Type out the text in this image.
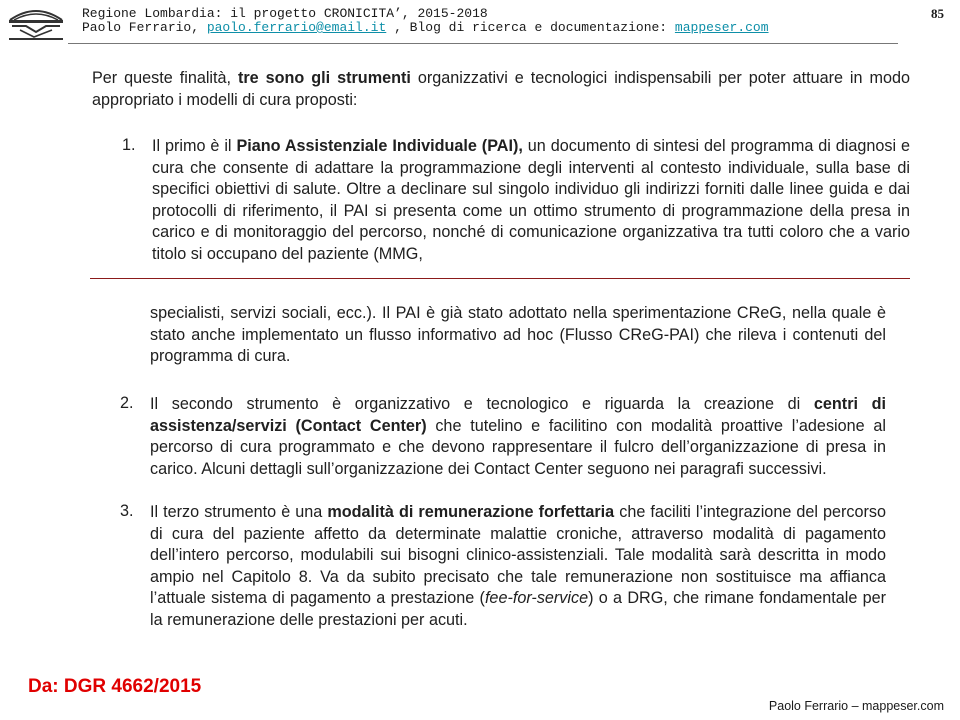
Regione Lombardia: il progetto CRONICITA’, 2015-2018
Paolo Ferrario, paolo.ferrario@email.it , Blog di ricerca e documentazione: mappeser.com
85
Per queste finalità, tre sono gli strumenti organizzativi e tecnologici indispensabili per poter attuare in modo appropriato i modelli di cura proposti:
1. Il primo è il Piano Assistenziale Individuale (PAI), un documento di sintesi del programma di diagnosi e cura che consente di adattare la programmazione degli interventi al contesto individuale, sulla base di specifici obiettivi di salute. Oltre a declinare sul singolo individuo gli indirizzi forniti dalle linee guida e dai protocolli di riferimento, il PAI si presenta come un ottimo strumento di programmazione della presa in carico e di monitoraggio del percorso, nonché di comunicazione organizzativa tra tutti coloro che a vario titolo si occupano del paziente (MMG,
specialisti, servizi sociali, ecc.). Il PAI è già stato adottato nella sperimentazione CReG, nella quale è stato anche implementato un flusso informativo ad hoc (Flusso CReG-PAI) che rileva i contenuti del programma di cura.
2. Il secondo strumento è organizzativo e tecnologico e riguarda la creazione di centri di assistenza/servizi (Contact Center) che tutelino e facilitino con modalità proattive l’adesione al percorso di cura programmato e che devono rappresentare il fulcro dell’organizzazione di presa in carico. Alcuni dettagli sull’organizzazione dei Contact Center seguono nei paragrafi successivi.
3. Il terzo strumento è una modalità di remunerazione forfettaria che faciliti l’integrazione del percorso di cura del paziente affetto da determinate malattie croniche, attraverso modalità di pagamento dell’intero percorso, modulabili sui bisogni clinico-assistenziali. Tale modalità sarà descritta in modo ampio nel Capitolo 8. Va da subito precisato che tale remunerazione non sostituisce ma affianca l’attuale sistema di pagamento a prestazione (fee-for-service) o a DRG, che rimane fondamentale per la remunerazione delle prestazioni per acuti.
Da: DGR 4662/2015
Paolo Ferrario – mappeser.com
